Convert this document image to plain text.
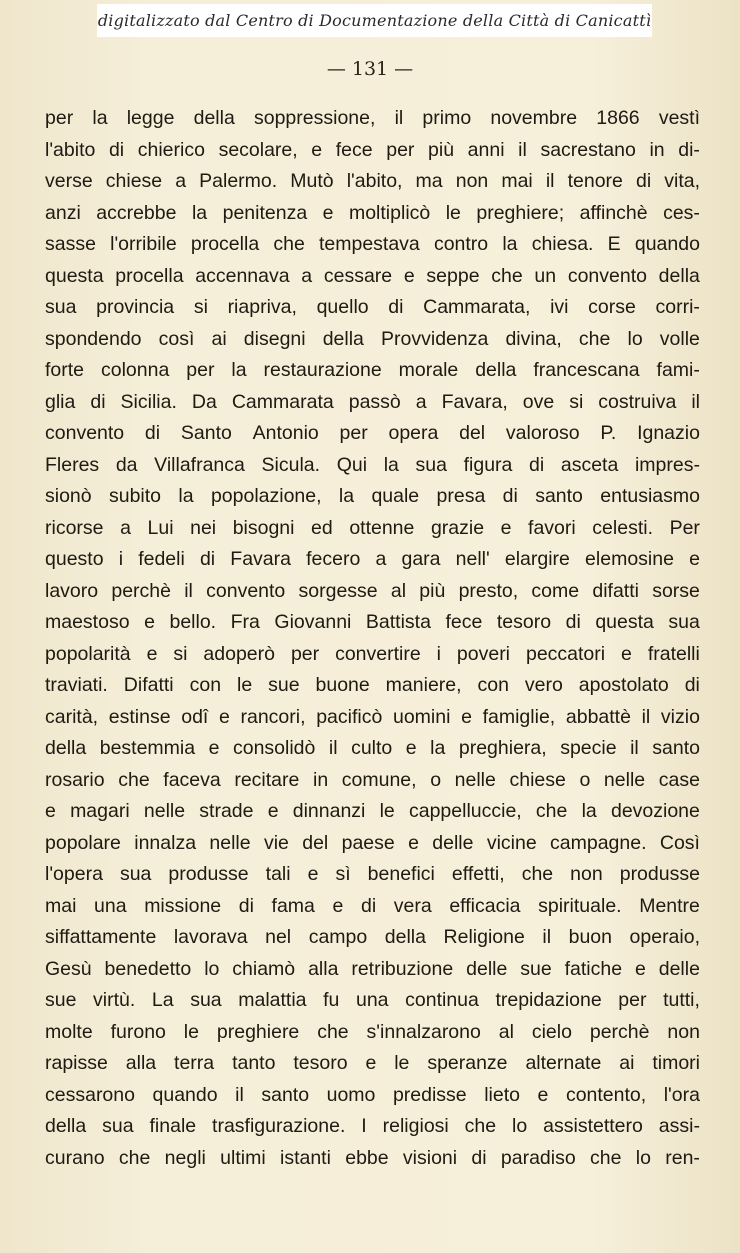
digitalizzato dal Centro di Documentazione della Città di Canicattì
— 131 —
per la legge della soppressione, il primo novembre 1866 vestì
l'abito di chierico secolare, e fece per più anni il sacrestano in di-
verse chiese a Palermo. Mutò l'abito, ma non mai il tenore di vita,
anzi accrebbe la penitenza e moltiplicò le preghiere; affinchè ces-
sasse l'orribile procella che tempestava contro la chiesa. E quando
questa procella accennava a cessare e seppe che un convento della
sua provincia si riapriva, quello di Cammarata, ivi corse corri-
spondendo così ai disegni della Provvidenza divina, che lo volle
forte colonna per la restaurazione morale della francescana fami-
glia di Sicilia. Da Cammarata passò a Favara, ove si costruiva il
convento di Santo Antonio per opera del valoroso P. Ignazio
Fleres da Villafranca Sicula. Qui la sua figura di asceta impres-
sionò subito la popolazione, la quale presa di santo entusiasmo
ricorse a Lui nei bisogni ed ottenne grazie e favori celesti. Per
questo i fedeli di Favara fecero a gara nell' elargire elemosine e
lavoro perchè il convento sorgesse al più presto, come difatti sorse
maestoso e bello. Fra Giovanni Battista fece tesoro di questa sua
popolarità e si adoperò per convertire i poveri peccatori e fratelli
traviati. Difatti con le sue buone maniere, con vero apostolato di
carità, estinse odî e rancori, pacificò uomini e famiglie, abbattè il vizio
della bestemmia e consolidò il culto e la preghiera, specie il santo
rosario che faceva recitare in comune, o nelle chiese o nelle case
e magari nelle strade e dinnanzi le cappelluccie, che la devozione
popolare innalza nelle vie del paese e delle vicine campagne. Così
l'opera sua produsse tali e sì benefici effetti, che non produsse
mai una missione di fama e di vera efficacia spirituale. Mentre
siffattamente lavorava nel campo della Religione il buon operaio,
Gesù benedetto lo chiamò alla retribuzione delle sue fatiche e delle
sue virtù. La sua malattia fu una continua trepidazione per tutti,
molte furono le preghiere che s'innalzarono al cielo perchè non
rapisse alla terra tanto tesoro e le speranze alternate ai timori
cessarono quando il santo uomo predisse lieto e contento, l'ora
della sua finale trasfigurazione. I religiosi che lo assistettero assi-
curano che negli ultimi istanti ebbe visioni di paradiso che lo ren-
